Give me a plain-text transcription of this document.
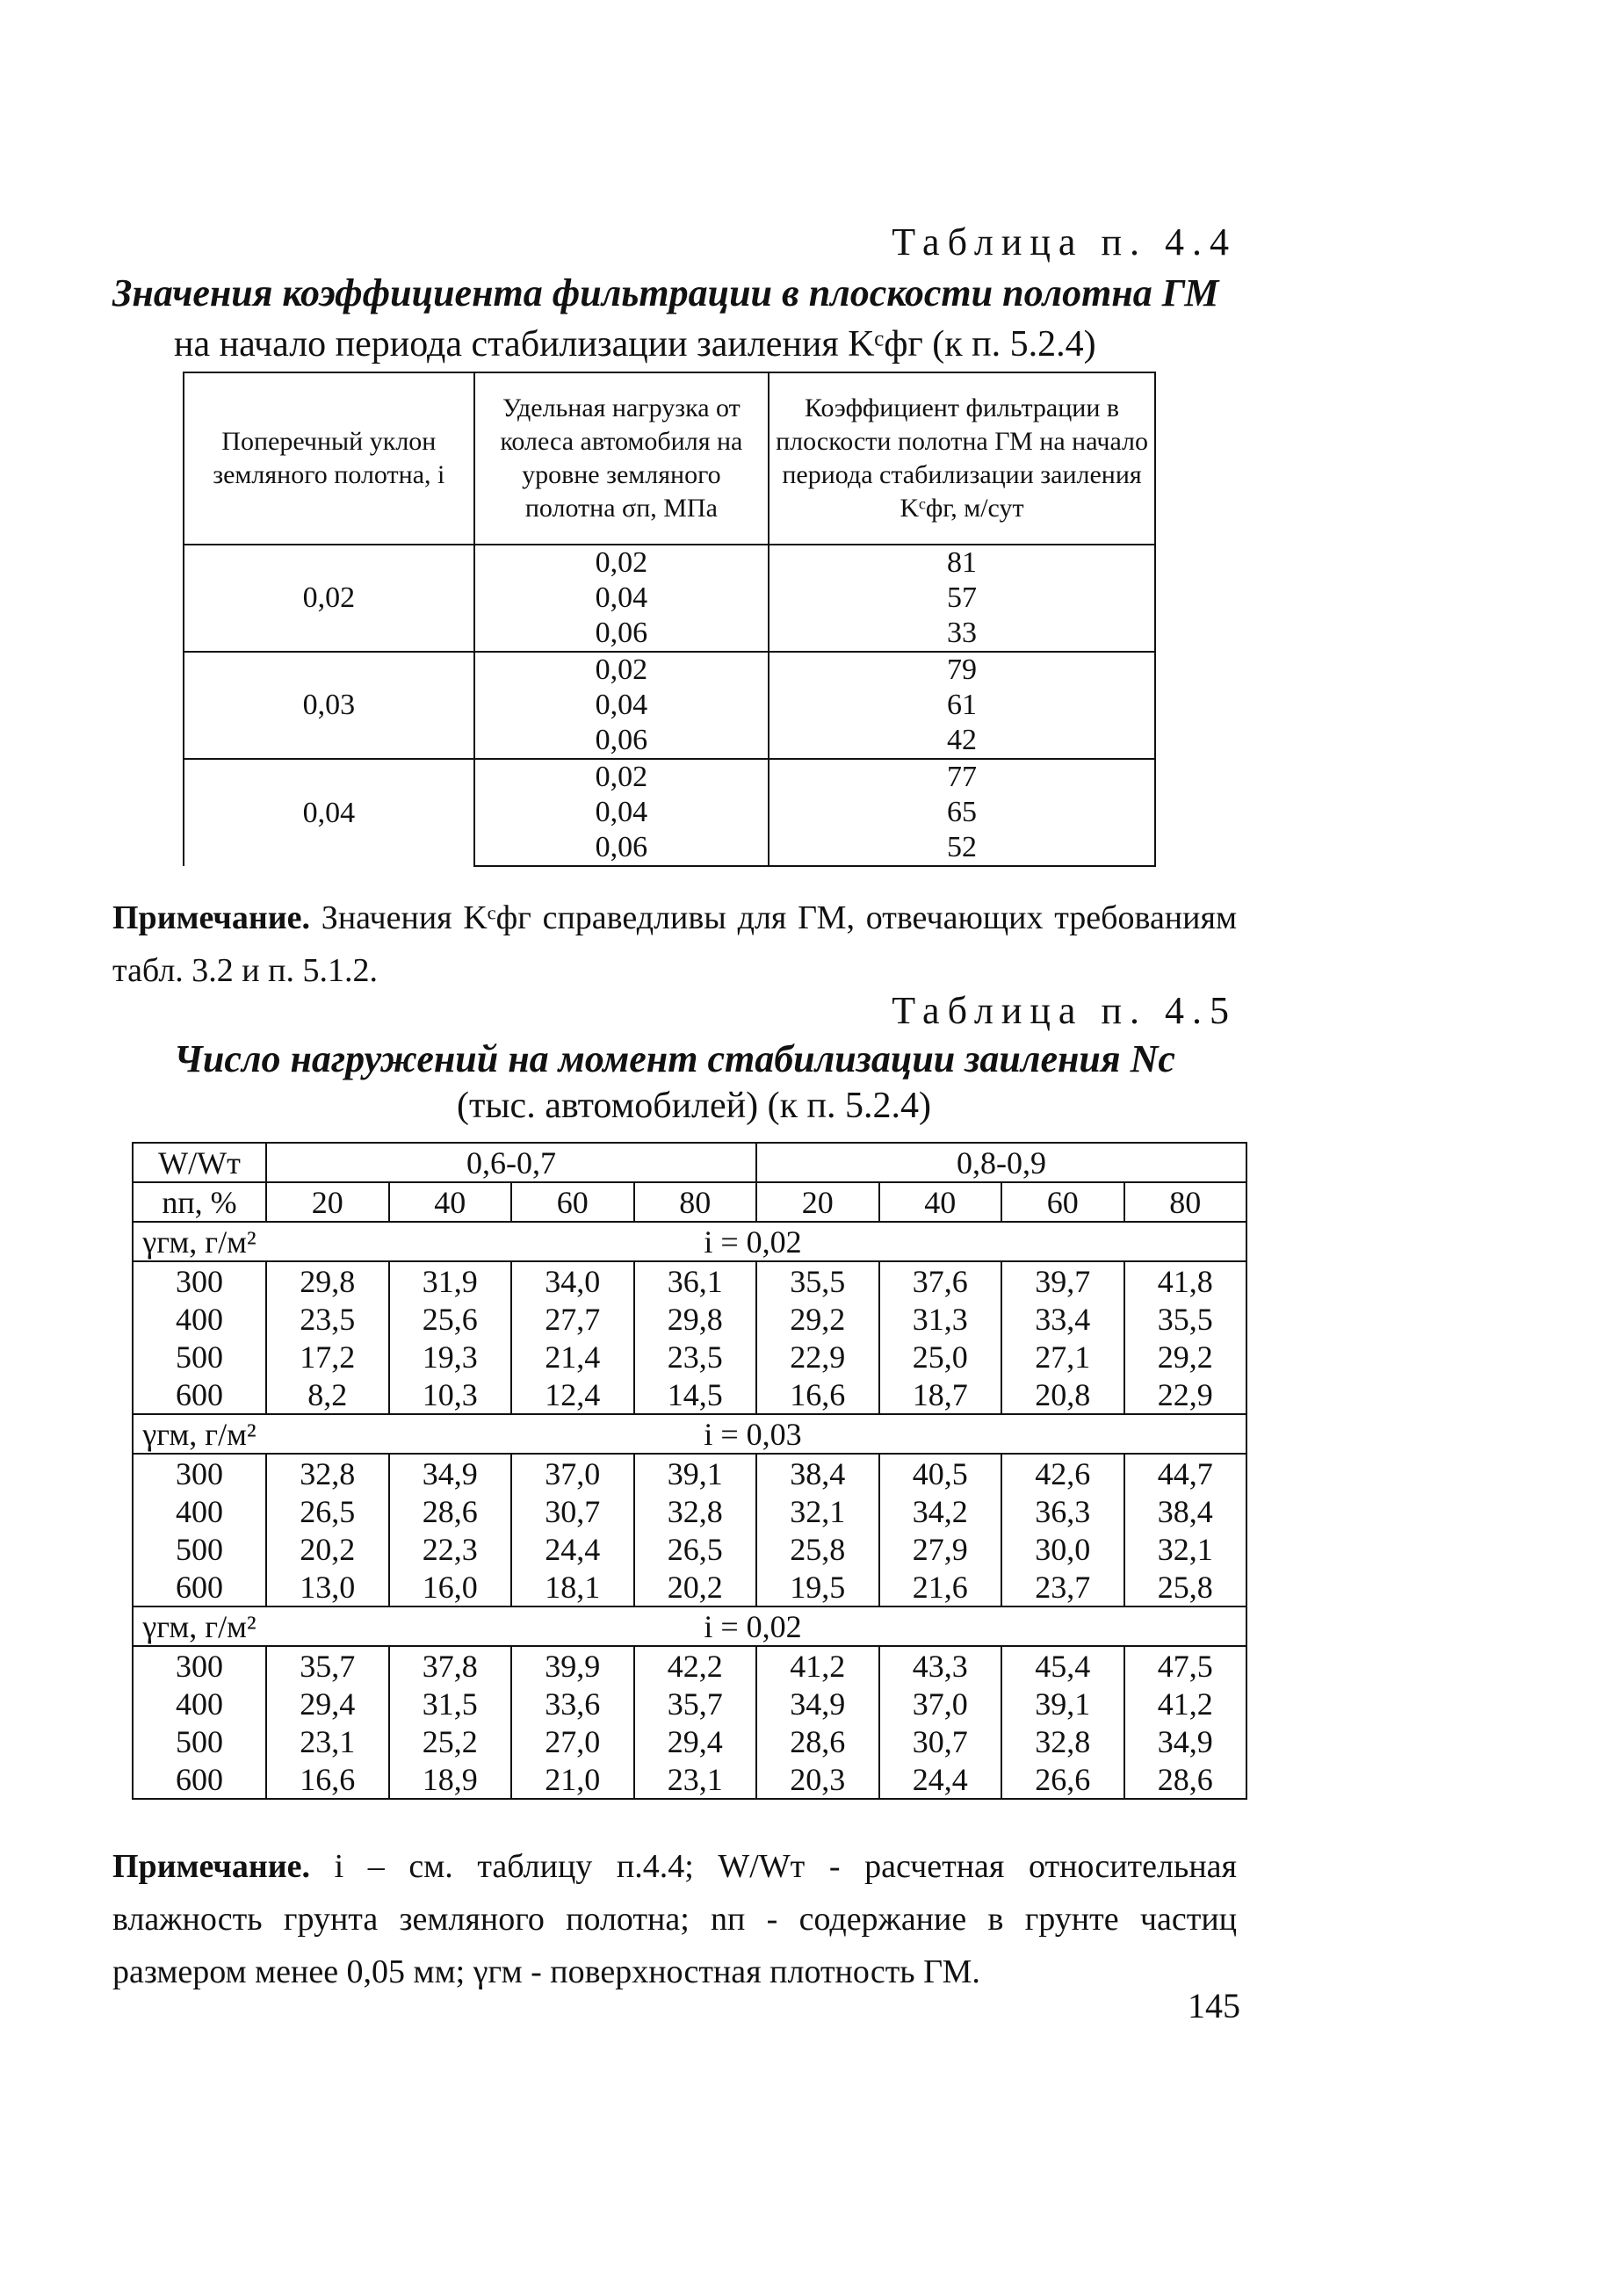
Таблица п. 4.4
Значения коэффициента фильтрации в плоскости полотна ГМ
на начало периода стабилизации заиления Kᶜфг (к п. 5.2.4)
Поперечный уклон земляного полотна, i	Удельная нагрузка от колеса автомобиля на уровне земляного полотна σп, МПа	Коэффициент фильтрации в плоскости полотна ГМ на начало периода стабилизации заиления Kᶜфг, м/сут
0,02	0,02	81
	0,04	57
	0,06	33
0,03	0,02	79
	0,04	61
	0,06	42
0,04	0,02	77
	0,04	65
	0,06	52
Примечание. Значения Kᶜфг справедливы для ГМ, отвечающих требованиям табл. 3.2 и п. 5.1.2.
Таблица п. 4.5
Число нагружений на момент стабилизации заиления Nc
(тыс. автомобилей) (к п. 5.2.4)
W/Wт	0,6-0,7				0,8-0,9			
nп, %	20	40	60	80	20	40	60	80
γгм, г/м² i = 0,02								
300	29,8	31,9	34,0	36,1	35,5	37,6	39,7	41,8
400	23,5	25,6	27,7	29,8	29,2	31,3	33,4	35,5
500	17,2	19,3	21,4	23,5	22,9	25,0	27,1	29,2
600	8,2	10,3	12,4	14,5	16,6	18,7	20,8	22,9
γгм, г/м² i = 0,03								
300	32,8	34,9	37,0	39,1	38,4	40,5	42,6	44,7
400	26,5	28,6	30,7	32,8	32,1	34,2	36,3	38,4
500	20,2	22,3	24,4	26,5	25,8	27,9	30,0	32,1
600	13,0	16,0	18,1	20,2	19,5	21,6	23,7	25,8
γгм, г/м² i = 0,02								
300	35,7	37,8	39,9	42,2	41,2	43,3	45,4	47,5
400	29,4	31,5	33,6	35,7	34,9	37,0	39,1	41,2
500	23,1	25,2	27,0	29,4	28,6	30,7	32,8	34,9
600	16,6	18,9	21,0	23,1	20,3	24,4	26,6	28,6
Примечание. i – см. таблицу п.4.4; W/Wт - расчетная относительная влажность грунта земляного полотна; nп - содержание в грунте частиц размером менее 0,05 мм; γгм - поверхностная плотность ГМ.
145
